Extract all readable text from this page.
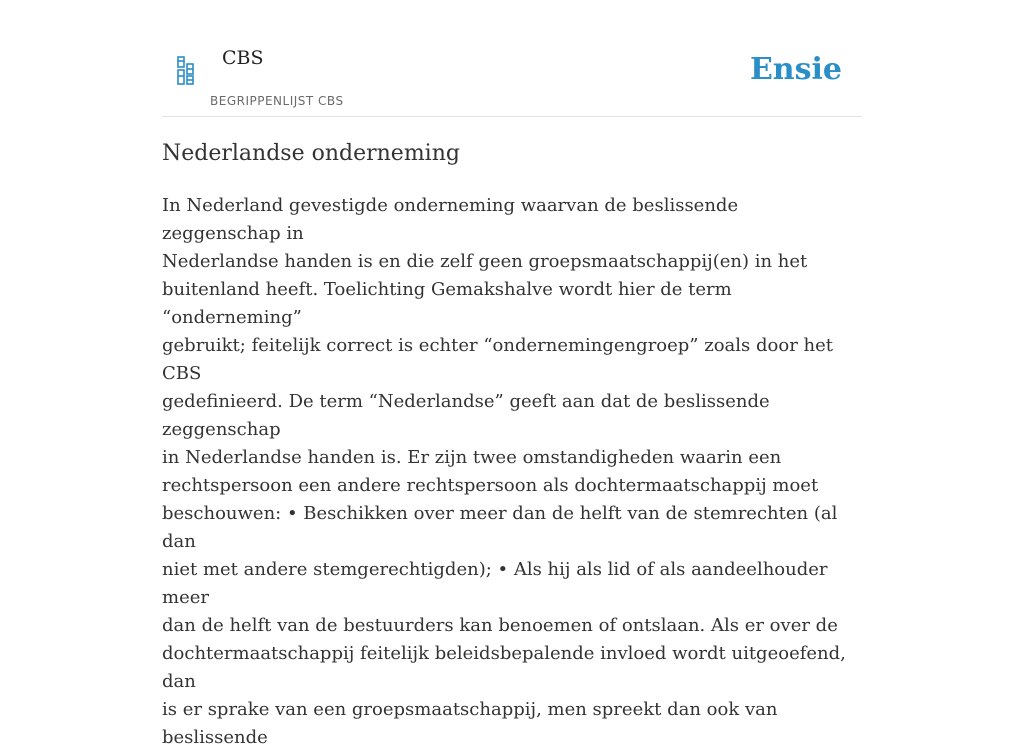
CBS
BEGRIPPENLIJST CBS
Ensie
Nederlandse onderneming

In Nederland gevestigde onderneming waarvan de beslissende zeggenschap in
Nederlandse handen is en die zelf geen groepsmaatschappij(en) in het
buitenland heeft. Toelichting Gemakshalve wordt hier de term “onderneming”
gebruikt; feitelijk correct is echter “ondernemingengroep” zoals door het CBS
gedefinieerd. De term “Nederlandse” geeft aan dat de beslissende zeggenschap
in Nederlandse handen is. Er zijn twee omstandigheden waarin een
rechtspersoon een andere rechtspersoon als dochtermaatschappij moet
beschouwen: • Beschikken over meer dan de helft van de stemrechten (al dan
niet met andere stemgerechtigden); • Als hij als lid of als aandeelhouder meer
dan de helft van de bestuurders kan benoemen of ontslaan. Als er over de
dochtermaatschappij feitelijk beleidsbepalende invloed wordt uitgeoefend, dan
is er sprake van een groepsmaatschappij, men spreekt dan ook van beslissende
